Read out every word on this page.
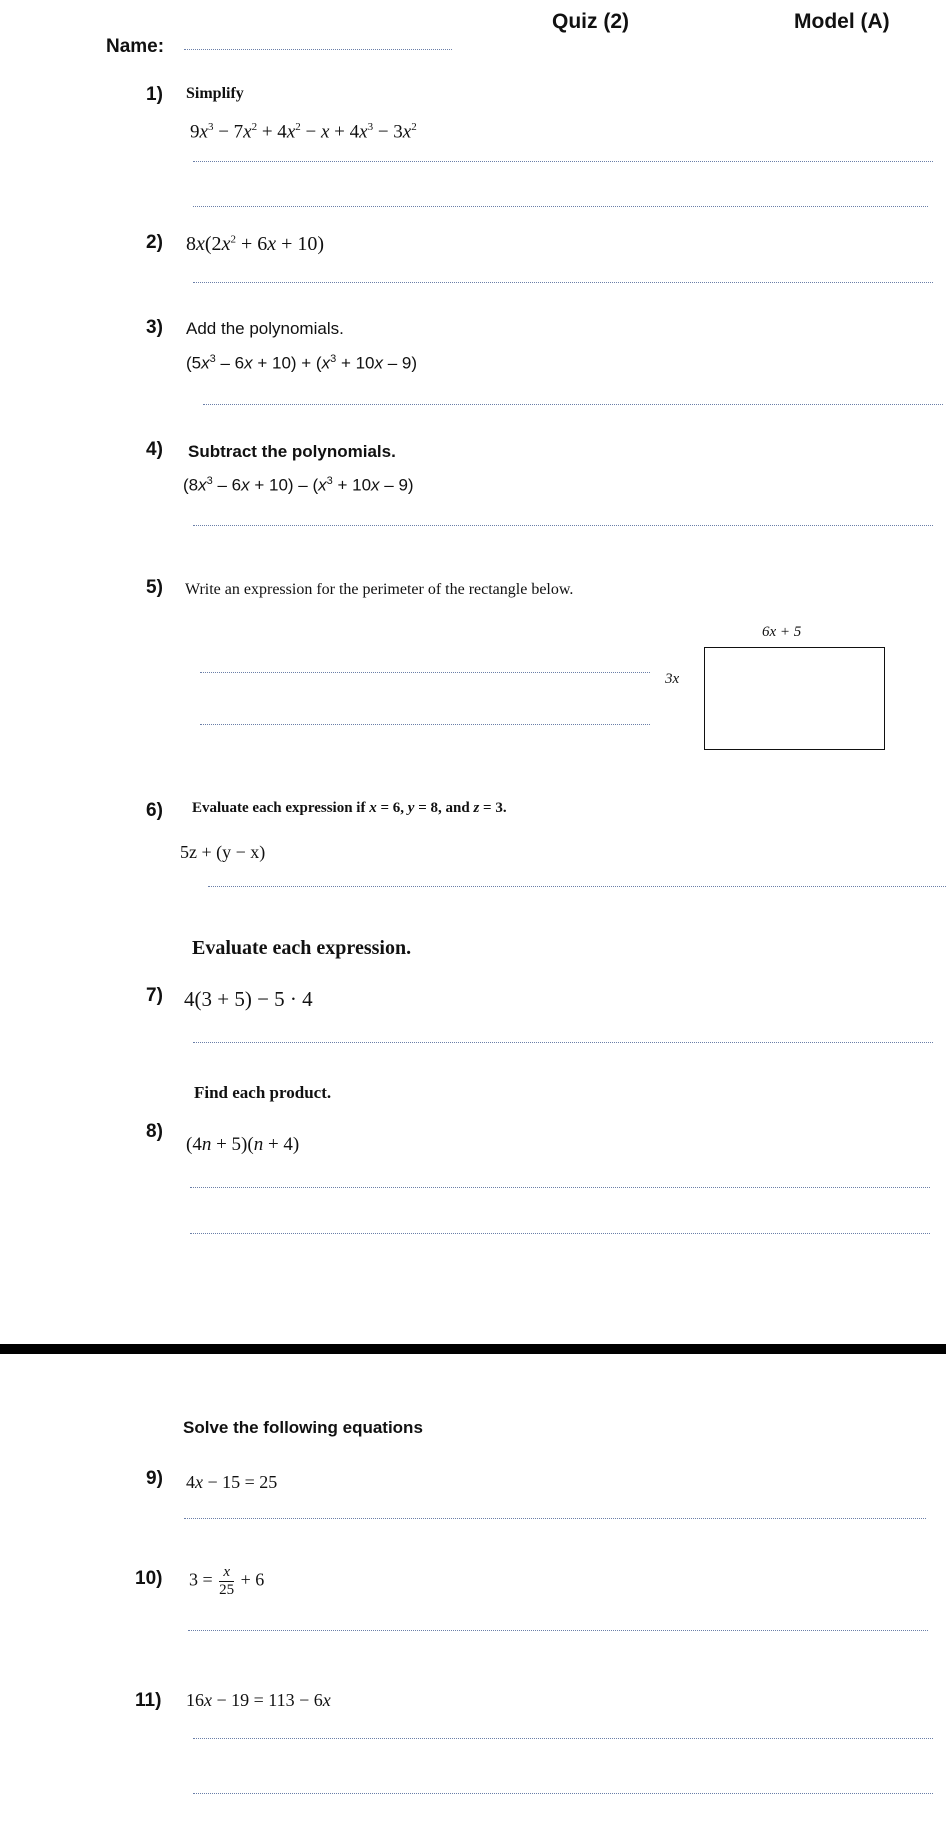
Quiz (2)	Model (A)
Name:
1) Simplify
$9x^3 - 7x^2 + 4x^2 - x + 4x^3 - 3x^2$
2) $8x(2x^2 + 6x + 10)$
3) Add the polynomials.
$(5x^3 - 6x + 10) + (x^3 + 10x - 9)$
4) Subtract the polynomials.
$(8x^3 - 6x + 10) - (x^3 + 10x - 9)$
5) Write an expression for the perimeter of the rectangle below.
6x + 5
3x
6) Evaluate each expression if x = 6, y = 8, and z = 3.
5z + (y − x)
Evaluate each expression.
7) 4(3 + 5) − 5 · 4
Find each product.
8)
(4n + 5)(n + 4)
Solve the following equations
9) 4x − 15 = 25
10) $3 = \frac{x}{25} + 6$
11) 16x − 19 = 113 − 6x
